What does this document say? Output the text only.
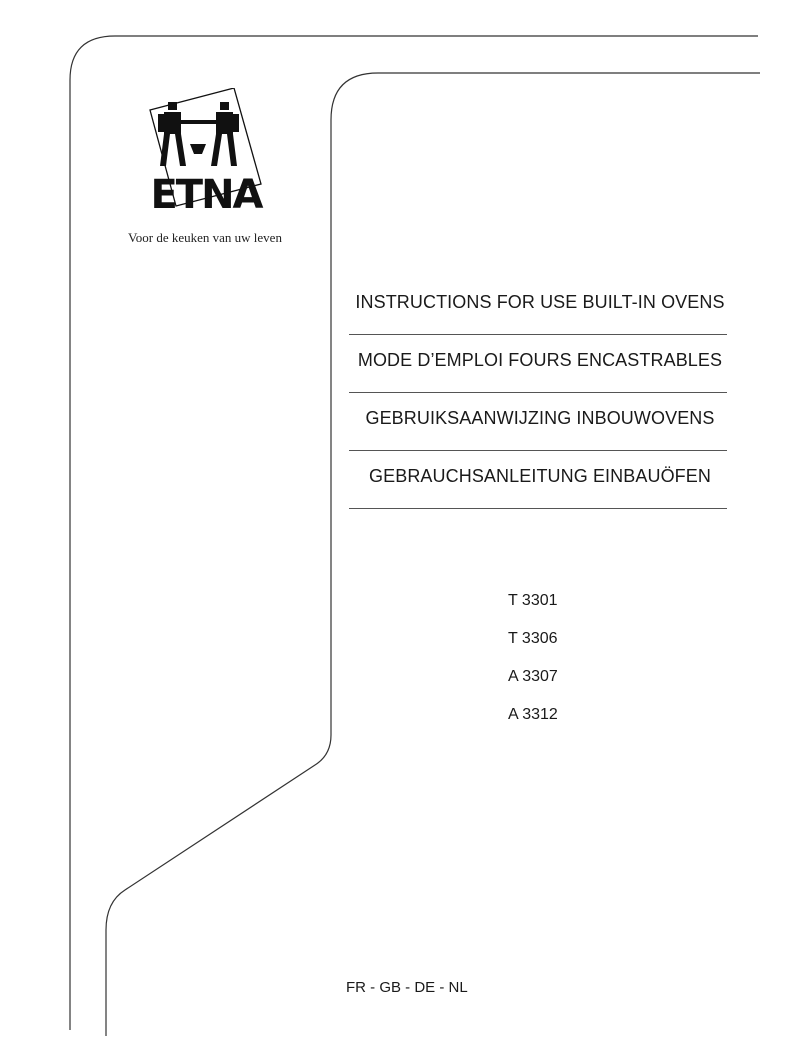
ETNA
Voor de keuken van uw leven
INSTRUCTIONS FOR USE BUILT-IN OVENS
MODE D’EMPLOI FOURS ENCASTRABLES
GEBRUIKSAANWIJZING INBOUWOVENS
GEBRAUCHSANLEITUNG EINBAUÖFEN
T 3301
T 3306
A 3307
A 3312
FR - GB - DE - NL
